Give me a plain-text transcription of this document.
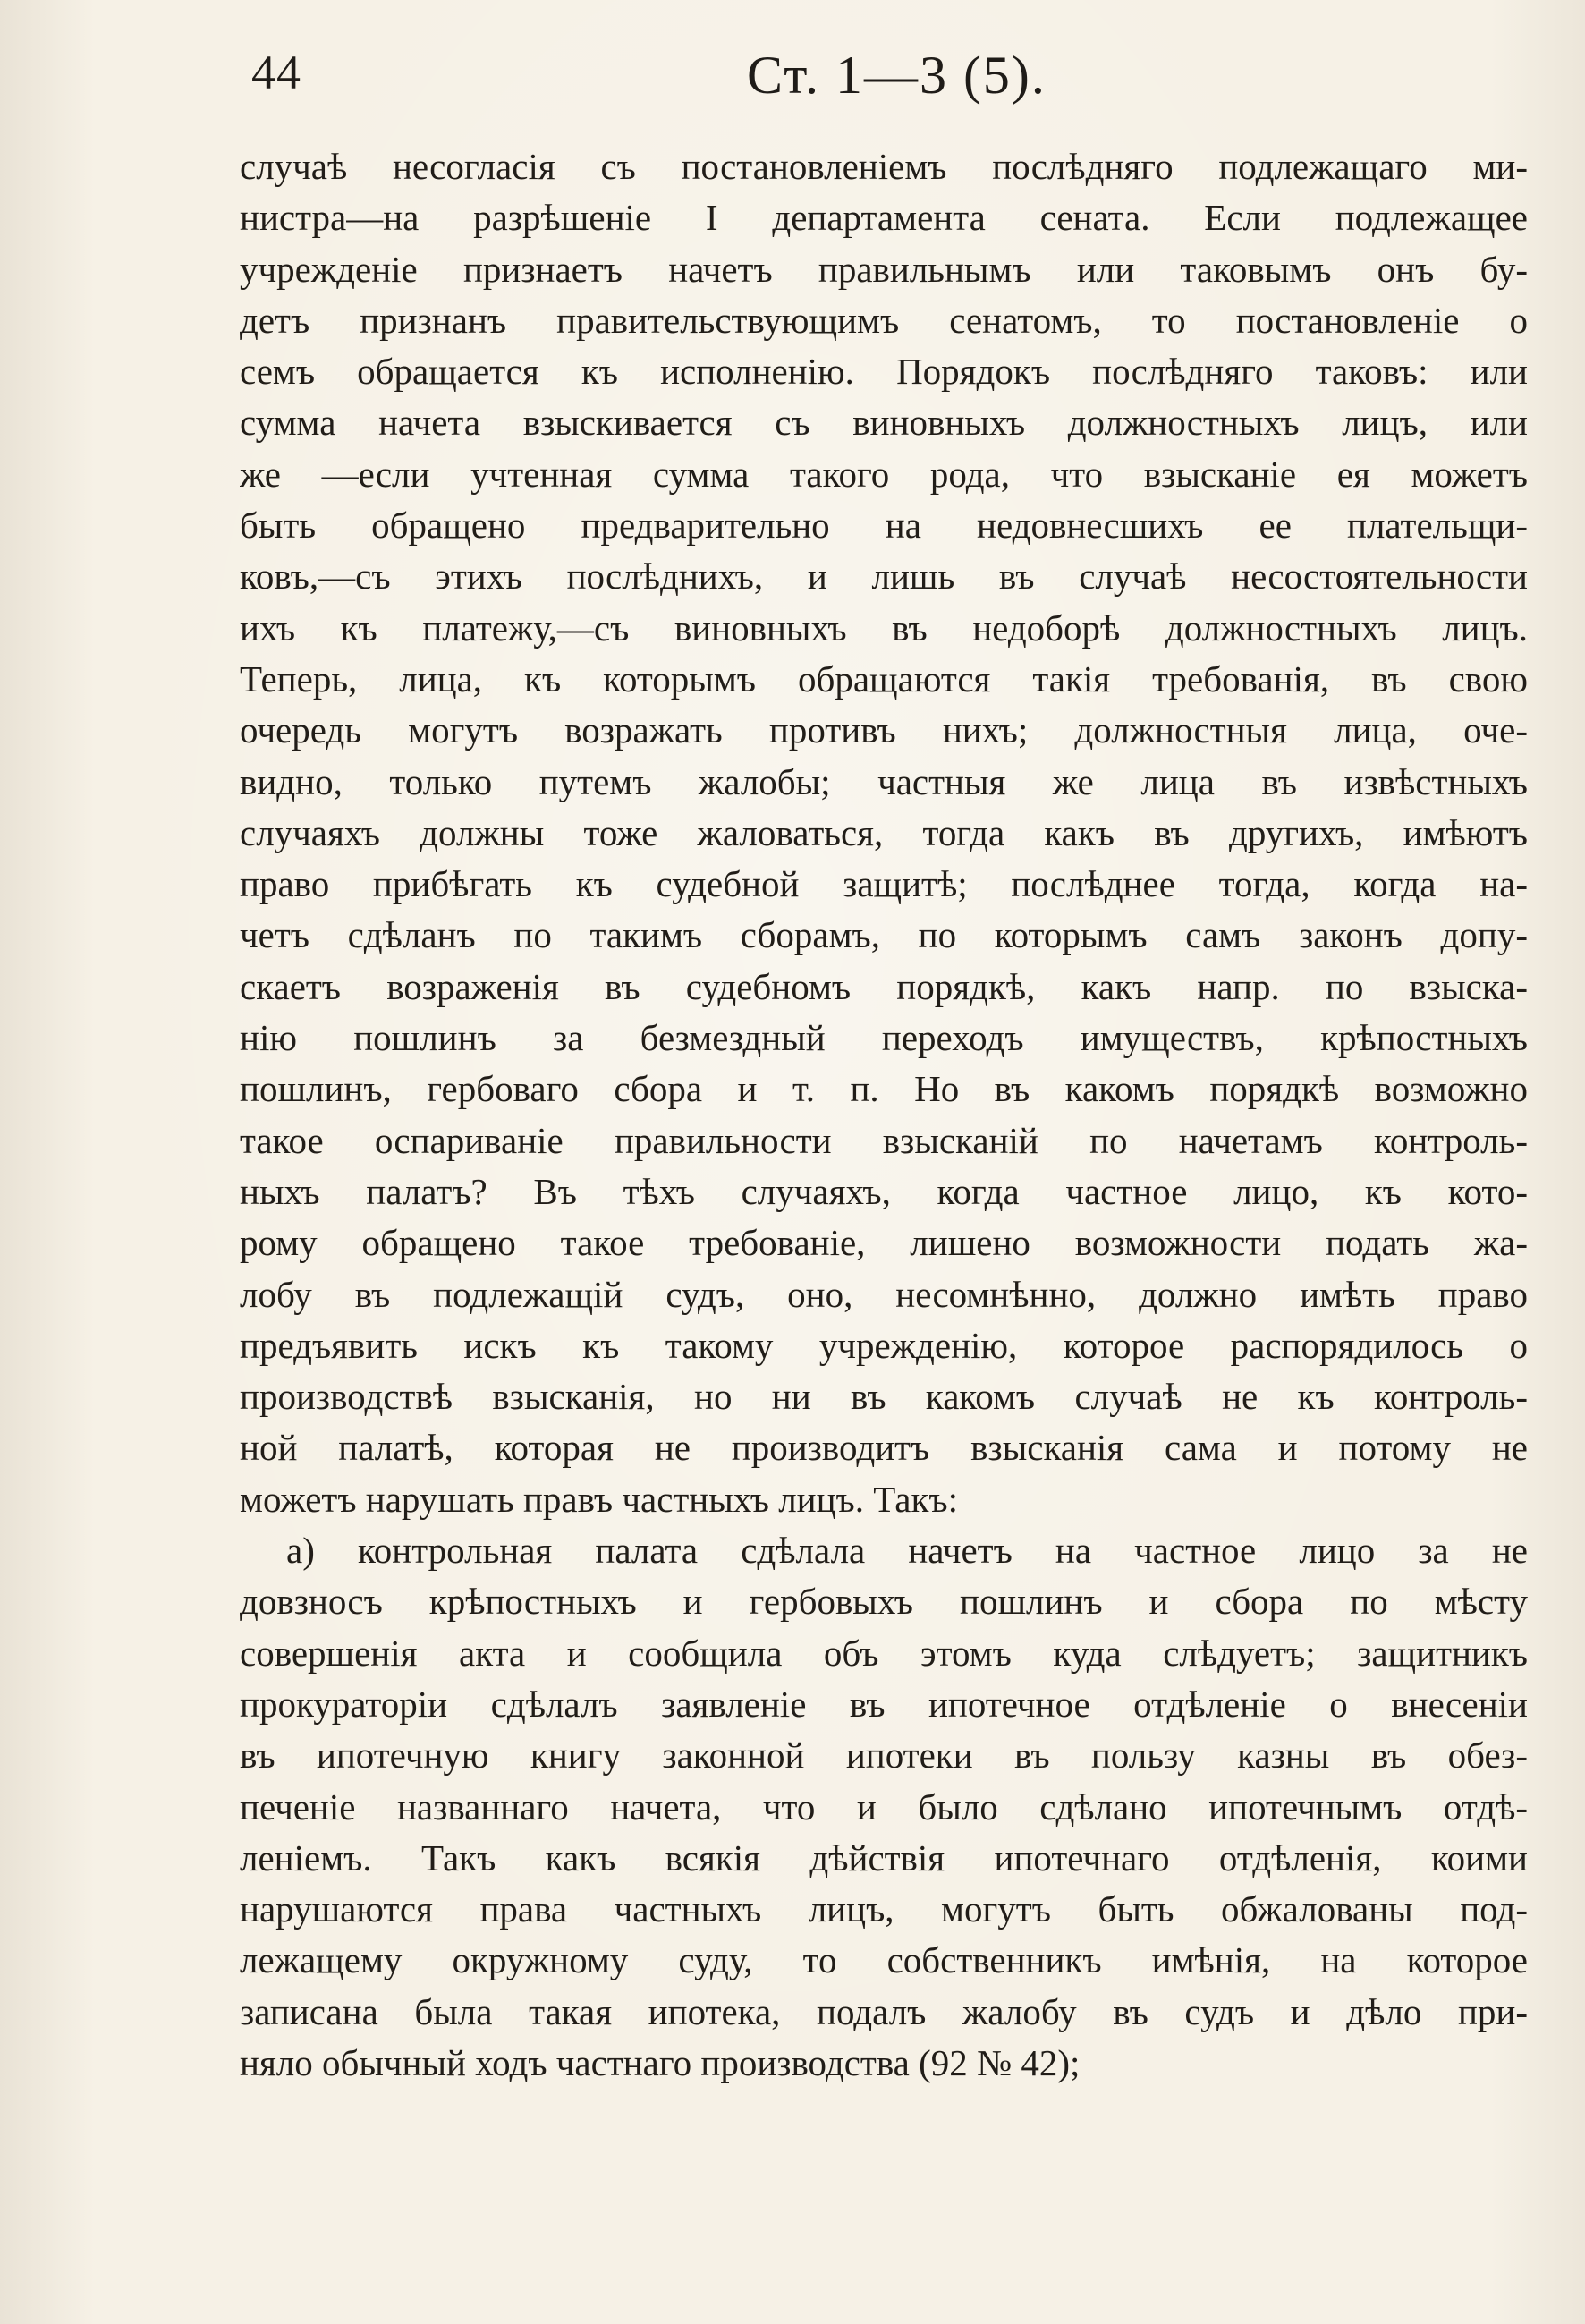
44	Ст. 1—3 (5).
случаѣ несогласія съ постановленіемъ послѣдняго подлежащаго ми-
нистра—на разрѣшеніе I департамента сената. Если подлежащее
учрежденіе признаетъ начетъ правильнымъ или таковымъ онъ бу-
детъ признанъ правительствующимъ сенатомъ, то постановленіе о
семъ обращается къ исполненію. Порядокъ послѣдняго таковъ: или
сумма начета взыскивается съ виновныхъ должностныхъ лицъ, или
же —если учтенная сумма такого рода, что взысканіе ея можетъ
быть обращено предварительно на недовнесшихъ ее плательщи-
ковъ,—съ этихъ послѣднихъ, и лишь въ случаѣ несостоятельности
ихъ къ платежу,—съ виновныхъ въ недоборѣ должностныхъ лицъ.
Теперь, лица, къ которымъ обращаются такія требованія, въ свою
очередь могутъ возражать противъ нихъ; должностныя лица, оче-
видно, только путемъ жалобы; частныя же лица въ извѣстныхъ
случаяхъ должны тоже жаловаться, тогда какъ въ другихъ, имѣютъ
право прибѣгать къ судебной защитѣ; послѣднее тогда, когда на-
четъ сдѣланъ по такимъ сборамъ, по которымъ самъ законъ допу-
скаетъ возраженія въ судебномъ порядкѣ, какъ напр. по взыска-
нію пошлинъ за безмездный переходъ имуществъ, крѣпостныхъ
пошлинъ, гербоваго сбора и т. п. Но въ какомъ порядкѣ возможно
такое оспариваніе правильности взысканій по начетамъ контроль-
ныхъ палатъ? Въ тѣхъ случаяхъ, когда частное лицо, къ кото-
рому обращено такое требованіе, лишено возможности подать жа-
лобу въ подлежащій судъ, оно, несомнѣнно, должно имѣть право
предъявить искъ къ такому учрежденію, которое распорядилось о
производствѣ взысканія, но ни въ какомъ случаѣ не къ контроль-
ной палатѣ, которая не производитъ взысканія сама и потому не
можетъ нарушать правъ частныхъ лицъ. Такъ:
а) контрольная палата сдѣлала начетъ на частное лицо за не
довзносъ крѣпостныхъ и гербовыхъ пошлинъ и сбора по мѣсту
совершенія акта и сообщила объ этомъ куда слѣдуетъ; защитникъ
прокураторіи сдѣлалъ заявленіе въ ипотечное отдѣленіе о внесеніи
въ ипотечную книгу законной ипотеки въ пользу казны въ обез-
печеніе названнаго начета, что и было сдѣлано ипотечнымъ отдѣ-
леніемъ. Такъ какъ всякія дѣйствія ипотечнаго отдѣленія, коими
нарушаются права частныхъ лицъ, могутъ быть обжалованы под-
лежащему окружному суду, то собственникъ имѣнія, на которое
записана была такая ипотека, подалъ жалобу въ судъ и дѣло при-
няло обычный ходъ частнаго производства (92 № 42);
